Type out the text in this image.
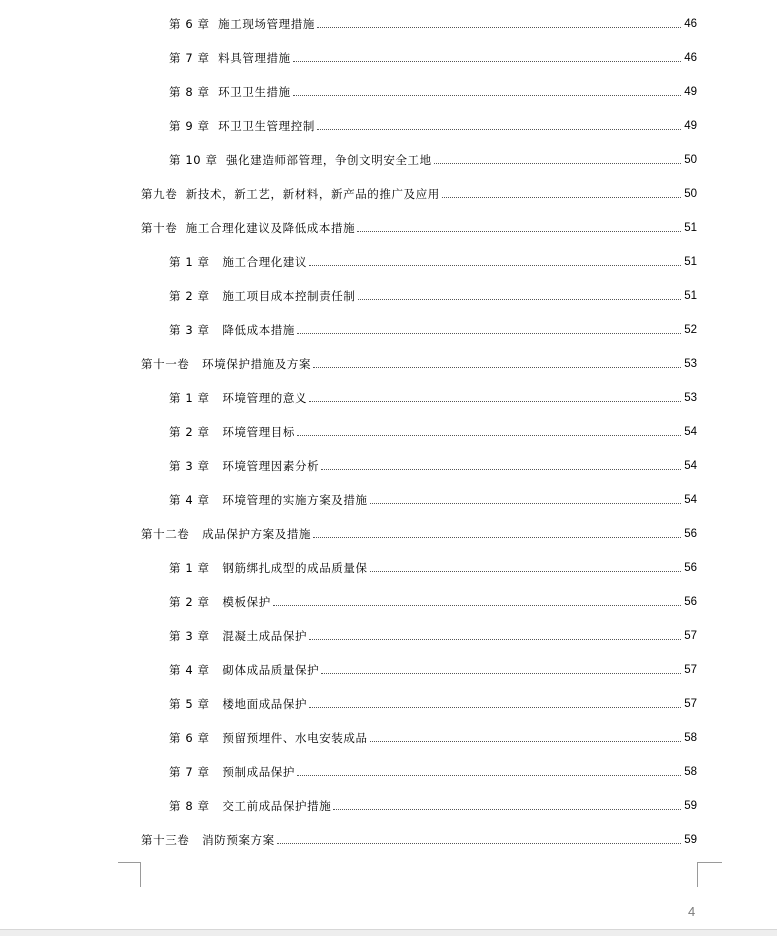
第 6 章  施工现场管理措施	46
第 7 章  料具管理措施	46
第 8 章  环卫卫生措施	49
第 9 章  环卫卫生管理控制	49
第 10 章  强化建造师部管理，争创文明安全工地	50
第九卷  新技术，新工艺，新材料，新产品的推广及应用	50
第十卷  施工合理化建议及降低成本措施	51
第 1 章   施工合理化建议	51
第 2 章   施工项目成本控制责任制	51
第 3 章   降低成本措施	52
第十一卷   环境保护措施及方案	53
第 1 章   环境管理的意义	53
第 2 章   环境管理目标	54
第 3 章   环境管理因素分析	54
第 4 章   环境管理的实施方案及措施	54
第十二卷   成品保护方案及措施	56
第 1 章   钢筋绑扎成型的成品质量保	56
第 2 章   模板保护	56
第 3 章   混凝土成品保护	57
第 4 章   砌体成品质量保护	57
第 5 章   楼地面成品保护	57
第 6 章   预留预埋件、水电安装成品	58
第 7 章   预制成品保护	58
第 8 章   交工前成品保护措施	59
第十三卷   消防预案方案	59
4
